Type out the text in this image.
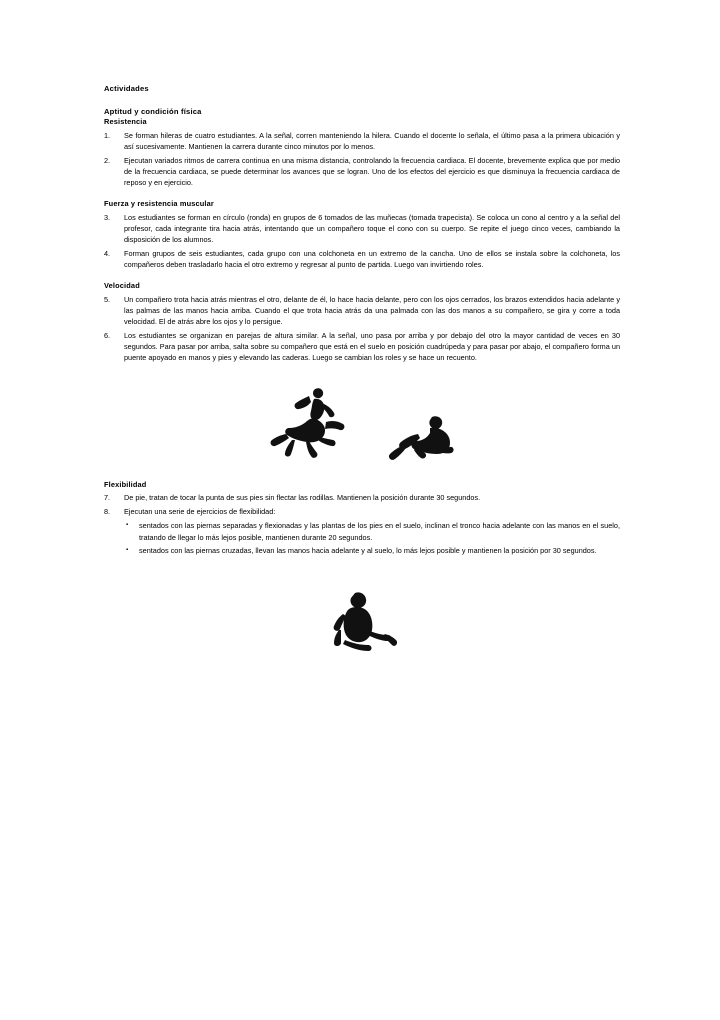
Actividades
Aptitud y condición física
Resistencia
1.	Se forman hileras de cuatro estudiantes. A la señal, corren manteniendo la hilera. Cuando el docente lo señala, el último pasa a la primera ubicación y así sucesivamente. Mantienen la carrera durante cinco minutos por lo menos.
2.	Ejecutan variados ritmos de carrera continua en una misma distancia, controlando la frecuencia cardiaca. El docente, brevemente explica que por medio de la frecuencia cardiaca, se puede determinar los avances que se logran. Uno de los efectos del ejercicio es que disminuya la frecuencia cardiaca de reposo y en ejercicio.
Fuerza y resistencia muscular
3.	Los estudiantes se forman en círculo (ronda) en grupos de 6 tomados de las muñecas (tomada trapecista). Se coloca un cono al centro y a la señal del profesor, cada integrante tira hacia atrás, intentando que un compañero toque el cono con su cuerpo. Se repite el juego cinco veces, cambiando la disposición de los alumnos.
4.	Forman grupos de seis estudiantes, cada grupo con una colchoneta en un extremo de la cancha. Uno de ellos se instala sobre la colchoneta, los compañeros deben trasladarlo hacia el otro extremo y regresar al punto de partida. Luego van invirtiendo roles.
Velocidad
5.	Un compañero trota hacia atrás mientras el otro, delante de él, lo hace hacia delante, pero con los ojos cerrados, los brazos extendidos hacia adelante y las palmas de las manos hacia arriba. Cuando el que trota hacia atrás da una palmada con las dos manos a su compañero, se gira y corre a toda velocidad. El de atrás abre los ojos y lo persigue.
6.	Los estudiantes se organizan en parejas de altura similar. A la señal, uno pasa por arriba y por debajo del otro la mayor cantidad de veces en 30 segundos. Para pasar por arriba, salta sobre su compañero que está en el suelo en posición cuadrúpeda y para pasar por abajo, el compañero forma un puente apoyado en manos y pies y elevando las caderas. Luego se cambian los roles y se hace un recuento.
Flexibilidad
7.	De pie, tratan de tocar la punta de sus pies sin flectar las rodillas. Mantienen la posición durante 30 segundos.
8.	Ejecutan una serie de ejercicios de flexibilidad:
▪	sentados con las piernas separadas y flexionadas y las plantas de los pies en el suelo, inclinan el tronco hacia adelante con las manos en el suelo, tratando de llegar lo más lejos posible, mantienen durante 20 segundos.
▪	sentados con las piernas cruzadas, llevan las manos hacia adelante y al suelo, lo más lejos posible y mantienen la posición por 30 segundos.
